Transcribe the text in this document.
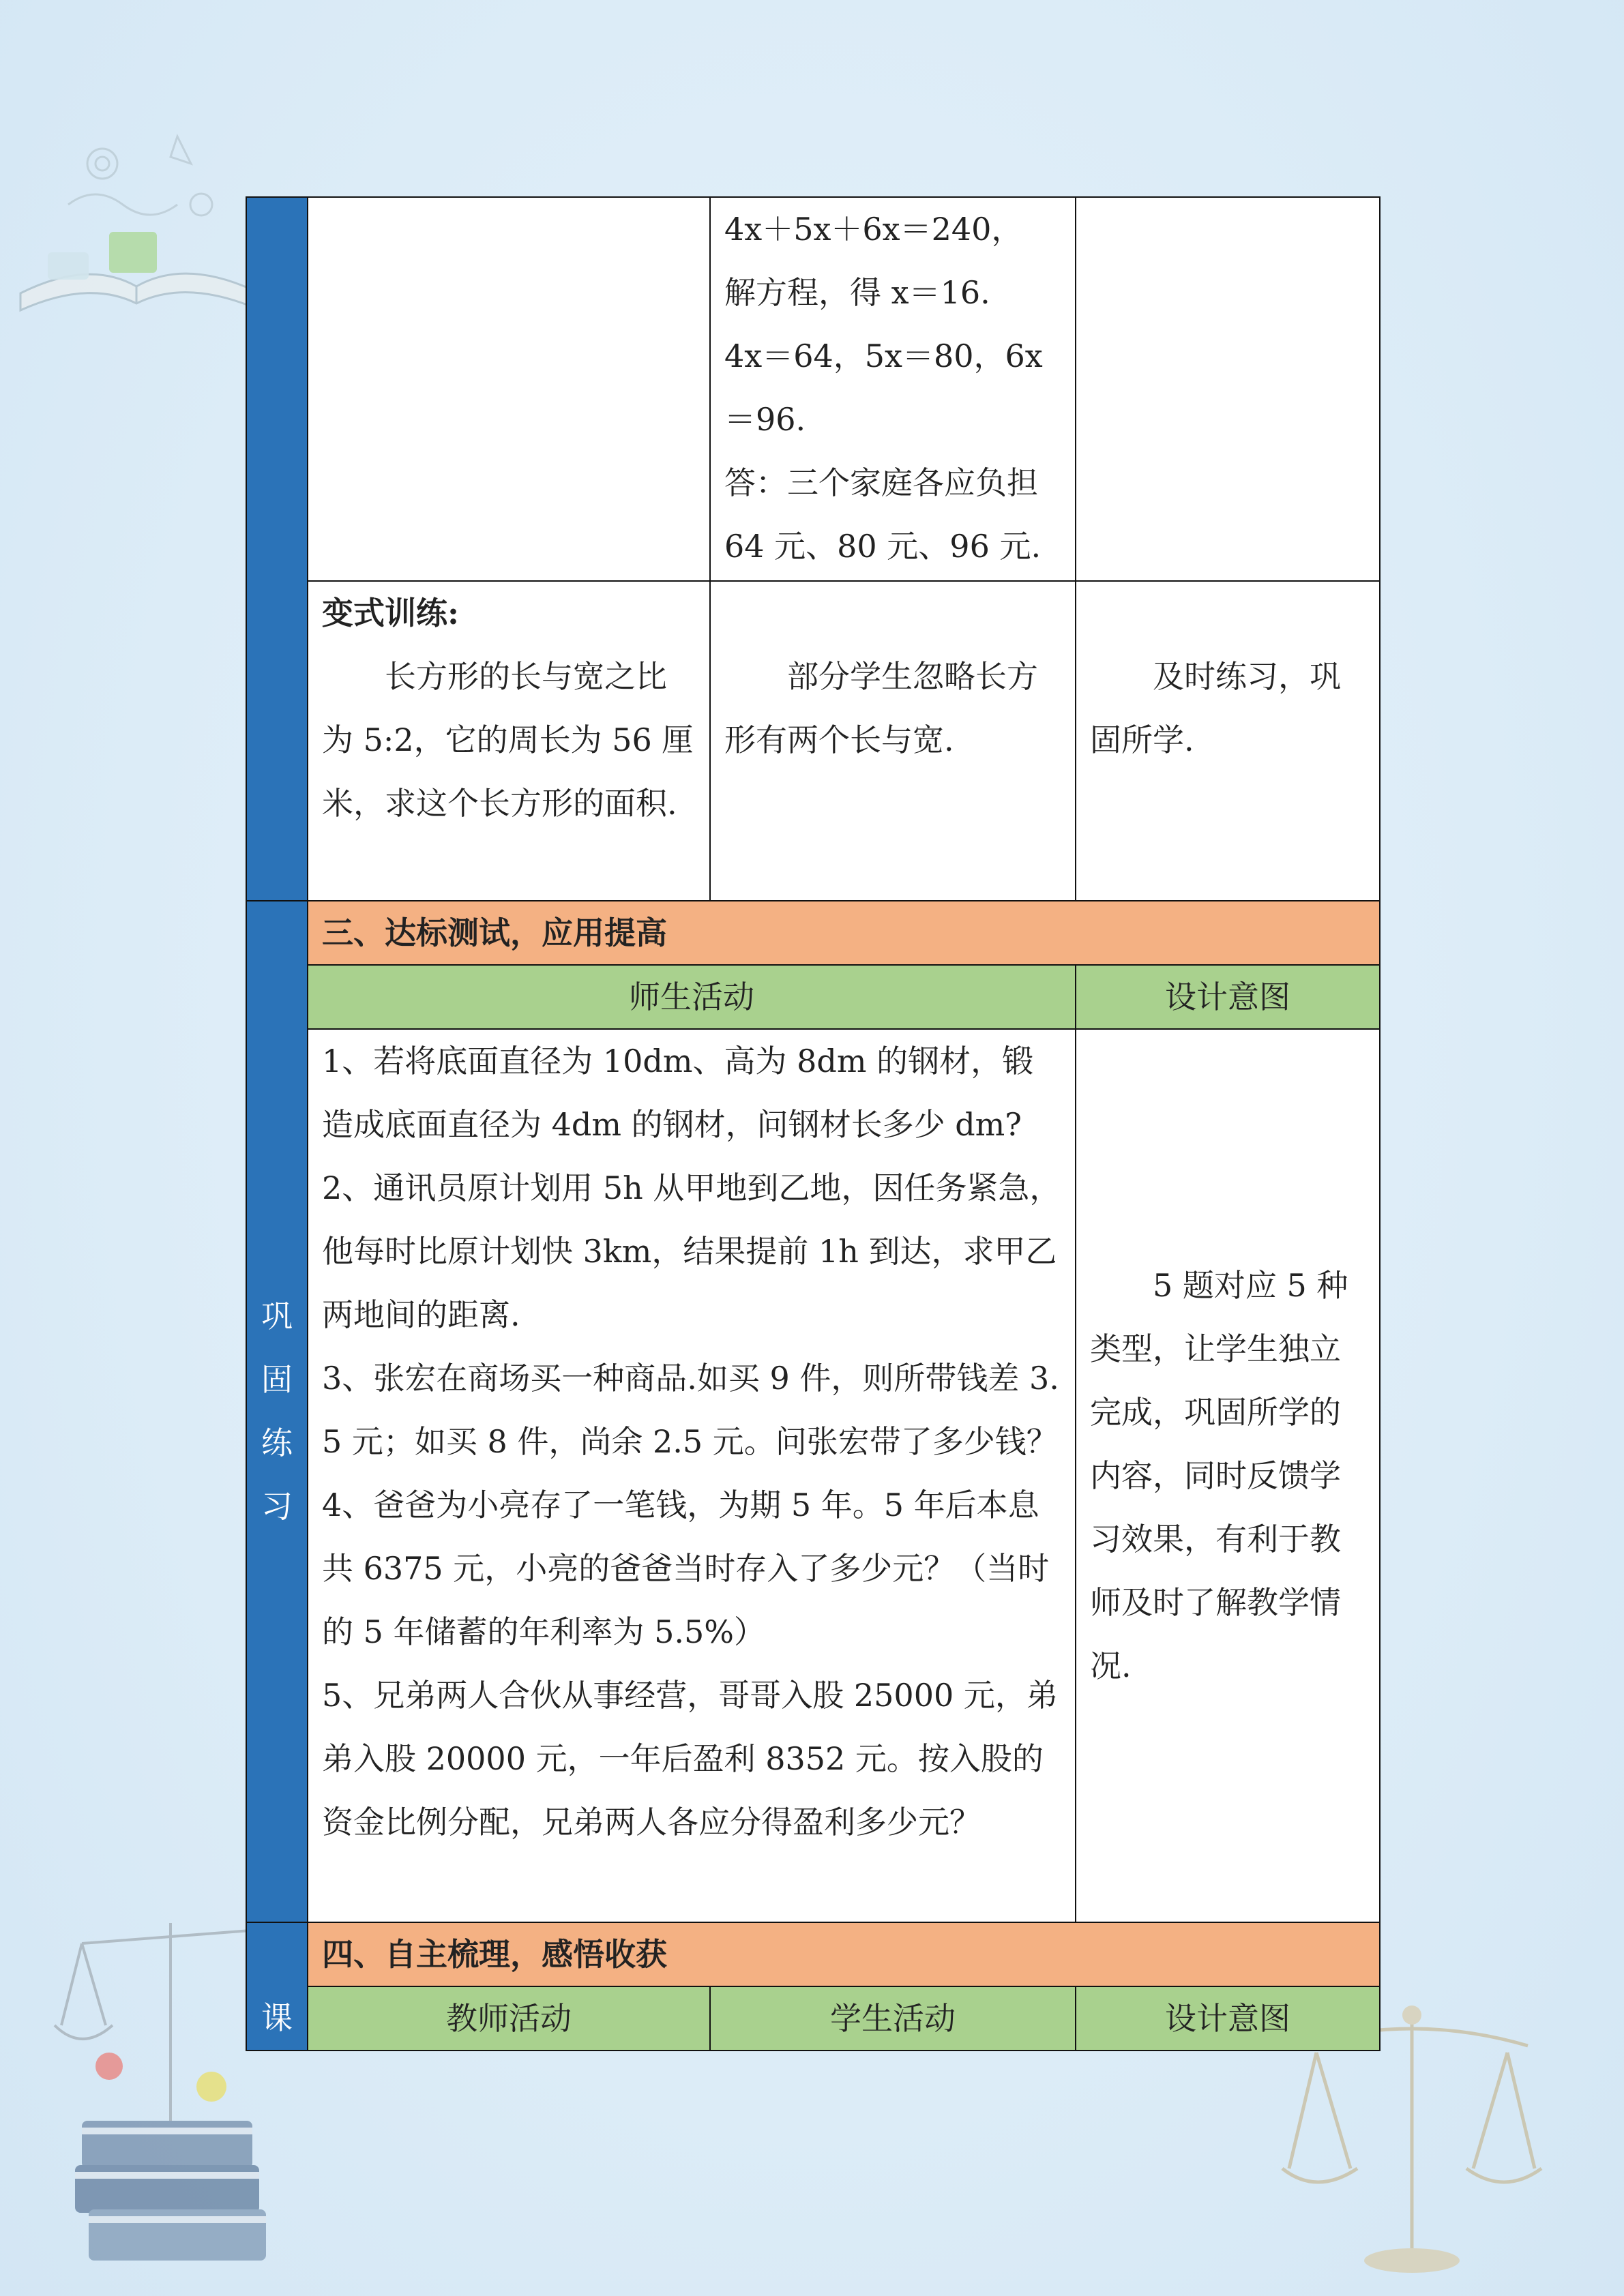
		4x＋5x＋6x＝240，
解方程，得 x＝16.
4x＝64，5x＝80，6x＝96.
答：三个家庭各应负担 64 元、80 元、96 元.	

	变式训练:
长方形的长与宽之比为 5:2，它的周长为 56 厘米，求这个长方形的面积.	部分学生忽略长方形有两个长与宽.	及时练习，巩固所学.

巩
固
练
习	三、达标测试，应用提高		
	师生活动		设计意图

	1、若将底面直径为 10dm、高为 8dm 的钢材，锻造成底面直径为 4dm 的钢材，问钢材长多少 dm?
2、通讯员原计划用 5h 从甲地到乙地，因任务紧急，他每时比原计划快 3km，结果提前 1h 到达，求甲乙两地间的距离.
3、张宏在商场买一种商品.如买 9 件，则所带钱差 3.5 元；如买 8 件，尚余 2.5 元。问张宏带了多少钱？
4、爸爸为小亮存了一笔钱，为期 5 年。5 年后本息共 6375 元，小亮的爸爸当时存入了多少元？（当时的 5 年储蓄的年利率为 5.5%）
5、兄弟两人合伙从事经营，哥哥入股 25000 元，弟弟入股 20000 元，一年后盈利 8352 元。按入股的资金比例分配，兄弟两人各应分得盈利多少元？		5 题对应 5 种类型，让学生独立完成，巩固所学的内容，同时反馈学习效果，有利于教师及时了解教学情况.

课	四、自主梳理，感悟收获		
	教师活动	学生活动	设计意图
